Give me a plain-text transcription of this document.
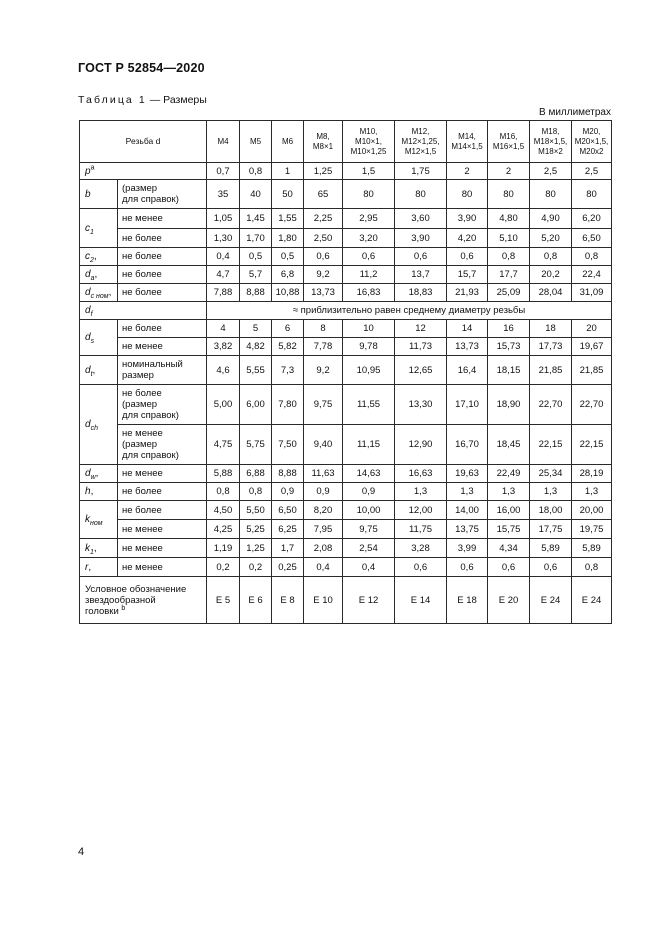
ГОСТ Р 52854—2020
Таблица 1 — Размеры
В миллиметрах
Резьба d		M4	M5	M6	M8,
M8×1	M10,
M10×1,
M10×1,25	M12,
M12×1,25,
M12×1,5	M14,
M14×1,5	M16,
M16×1,5	M18,
M18×1,5,
M18×2	M20,
M20×1,5,
M20x2
$p^a$		0,7	0,8	1	1,25	1,5	1,75	2	2	2,5	2,5
b	(размер
для справок)	35	40	50	65	80	80	80	80	80	80
$c_1$	не менее	1,05	1,45	1,55	2,25	2,95	3,60	3,90	4,80	4,90	6,20
	не более	1,30	1,70	1,80	2,50	3,20	3,90	4,20	5,10	5,20	6,50
$c_2$,	не более	0,4	0,5	0,5	0,6	0,6	0,6	0,6	0,8	0,8	0,8
$d_a$,	не более	4,7	5,7	6,8	9,2	11,2	13,7	15,7	17,7	20,2	22,4
$d_{c ном}$,	не более	7,88	8,88	10,88	13,73	16,83	18,83	21,93	25,09	28,04	31,09
$d_f$		≈ приблизительно равен среднему диаметру резьбы									
$d_s$	не более	4	5	6	8	10	12	14	16	18	20
	не менее	3,82	4,82	5,82	7,78	9,78	11,73	13,73	15,73	17,73	19,67
$d_t$,	номинальный
размер	4,6	5,55	7,3	9,2	10,95	12,65	16,4	18,15	21,85	21,85
$d_{ch}$	не более
(размер
для справок)	5,00	6,00	7,80	9,75	11,55	13,30	17,10	18,90	22,70	22,70
	не менее
(размер
для справок)	4,75	5,75	7,50	9,40	11,15	12,90	16,70	18,45	22,15	22,15
$d_w$,	не менее	5,88	6,88	8,88	11,63	14,63	16,63	19,63	22,49	25,34	28,19
h,	не более	0,8	0,8	0,9	0,9	0,9	1,3	1,3	1,3	1,3	1,3
$k_{ном}$	не более	4,50	5,50	6,50	8,20	10,00	12,00	14,00	16,00	18,00	20,00
	не менее	4,25	5,25	6,25	7,95	9,75	11,75	13,75	15,75	17,75	19,75
$k_1$,	не менее	1,19	1,25	1,7	2,08	2,54	3,28	3,99	4,34	5,89	5,89
r,	не менее	0,2	0,2	0,25	0,4	0,4	0,6	0,6	0,6	0,6	0,8
Условное обозначение
звездообразной
головки $^b$		E 5	E 6	E 8	E 10	E 12	E 14	E 18	E 20	E 24	E 24
4
